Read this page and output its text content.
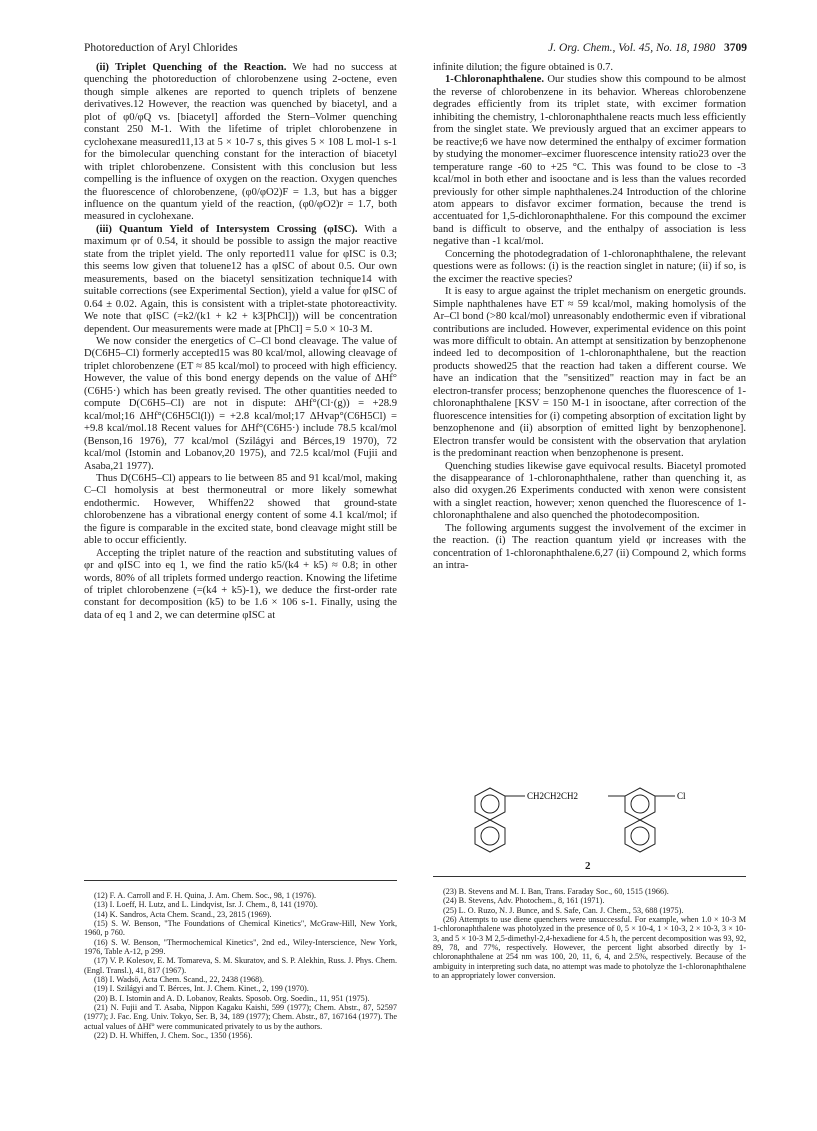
Photoreduction of Aryl Chlorides	J. Org. Chem., Vol. 45, No. 18, 1980 3709

(ii) Triplet Quenching of the Reaction. We had no success at quenching the photoreduction of chlorobenzene using 2-octene, even though simple alkenes are reported to quench triplets of benzene derivatives.12 However, the reaction was quenched by biacetyl, and a plot of φ0/φQ vs. [biacetyl] afforded the Stern–Volmer quenching constant 250 M-1. With the lifetime of triplet chlorobenzene in cyclohexane measured11,13 at 5 × 10-7 s, this gives 5 × 108 L mol-1 s-1 for the bimolecular quenching constant for the interaction of biacetyl with triplet chlorobenzene. Consistent with this conclusion but less compelling is the influence of oxygen on the reaction. Oxygen quenches the fluorescence of chlorobenzene, (φ0/φO2)F = 1.3, but has a bigger influence on the quantum yield of the reaction, (φ0/φO2)r = 1.7, both measured in cyclohexane.

(iii) Quantum Yield of Intersystem Crossing (φISC). With a maximum φr of 0.54, it should be possible to assign the major reactive state from the triplet yield. The only reported11 value for φISC is 0.3; this seems low given that toluene12 has a φISC of about 0.5. Our own measurements, based on the biacetyl sensitization technique14 with suitable corrections (see Experimental Section), yield a value for φISC of 0.64 ± 0.02. Again, this is consistent with a triplet-state photoreactivity. We note that φISC (=k2/(k1 + k2 + k3[PhCl])) will be concentration dependent. Our measurements were made at [PhCl] = 5.0 × 10-3 M.

We now consider the energetics of C–Cl bond cleavage. The value of D(C6H5–Cl) formerly accepted15 was 80 kcal/mol, allowing cleavage of triplet chlorobenzene (ET ≈ 85 kcal/mol) to proceed with high efficiency. However, the value of this bond energy depends on the value of ΔHf°(C6H5·) which has been greatly revised. The other quantities needed to compute D(C6H5–Cl) are not in dispute: ΔHf°(Cl·(g)) = +28.9 kcal/mol;16 ΔHf°(C6H5Cl(l)) = +2.8 kcal/mol;17 ΔHvap°(C6H5Cl) = +9.8 kcal/mol.18 Recent values for ΔHf°(C6H5·) include 78.5 kcal/mol (Benson,16 1976), 77 kcal/mol (Szilágyi and Bérces,19 1970), 72 kcal/mol (Istomin and Lobanov,20 1975), and 72.5 kcal/mol (Fujii and Asaba,21 1977).

Thus D(C6H5–Cl) appears to lie between 85 and 91 kcal/mol, making C–Cl homolysis at best thermoneutral or more likely somewhat endothermic. However, Whiffen22 showed that ground-state chlorobenzene has a vibrational energy content of some 4.1 kcal/mol; if the figure is comparable in the excited state, bond cleavage might still be able to occur efficiently.

Accepting the triplet nature of the reaction and substituting values of φr and φISC into eq 1, we find the ratio k5/(k4 + k5) ≈ 0.8; in other words, 80% of all triplets formed undergo reaction. Knowing the lifetime of triplet chlorobenzene (=(k4 + k5)-1), we deduce the first-order rate constant for decomposition (k5) to be 1.6 × 106 s-1. Finally, using the data of eq 1 and 2, we can determine φISC at

infinite dilution; the figure obtained is 0.7.

1-Chloronaphthalene. Our studies show this compound to be almost the reverse of chlorobenzene in its behavior. Whereas chlorobenzene degrades efficiently from its triplet state, with excimer formation inhibiting the chemistry, 1-chloronaphthalene reacts much less efficiently from the singlet state. We previously argued that an excimer appears to be reactive;6 we have now determined the enthalpy of excimer formation by studying the monomer–excimer fluorescence intensity ratio23 over the temperature range -60 to +25 °C. This was found to be close to -3 kcal/mol in both ether and isooctane and is less than the values recorded previously for other simple naphthalenes.24 Introduction of the chlorine atom appears to disfavor excimer formation, because the trend is accentuated for 1,5-dichloronaphthalene. For this compound the excimer band is difficult to observe, and the enthalpy of association is less negative than -1 kcal/mol.

Concerning the photodegradation of 1-chloronaphthalene, the relevant questions were as follows: (i) is the reaction singlet in nature; (ii) if so, is the excimer the reactive species?

It is easy to argue against the triplet mechanism on energetic grounds. Simple naphthalenes have ET ≈ 59 kcal/mol, making homolysis of the Ar–Cl bond (>80 kcal/mol) unreasonably endothermic even if vibrational contributions are included. However, experimental evidence on this point was more difficult to obtain. An attempt at sensitization by benzophenone indeed led to decomposition of 1-chloronaphthalene, but the reaction products showed25 that the reaction had taken a different course. We have an indication that the "sensitized" reaction may in fact be an electron-transfer process; benzophenone quenches the fluorescence of 1-chloronaphthalene [KSV = 150 M-1 in isooctane, after correction of the fluorescence intensities for (i) competing absorption of excitation light by benzophenone and (ii) absorption of emitted light by benzophenone]. Electron transfer would be consistent with the observation that arylation is the predominant reaction when benzophenone is present.

Quenching studies likewise gave equivocal results. Biacetyl promoted the disappearance of 1-chloronaphthalene, rather than quenching it, as also did oxygen.26 Experiments conducted with xenon were consistent with a singlet reaction, however; xenon quenched the fluorescence of 1-chloronaphthalene and also quenched the photodecomposition.

The following arguments suggest the involvement of the excimer in the reaction. (i) The reaction quantum yield φr increases with the concentration of 1-chloronaphthalene.6,27 (ii) Compound 2, which forms an intra-

CH2CH2CH2	Cl
2

(12) F. A. Carroll and F. H. Quina, J. Am. Chem. Soc., 98, 1 (1976).

(13) I. Loeff, H. Lutz, and L. Lindqvist, Isr. J. Chem., 8, 141 (1970).

(14) K. Sandros, Acta Chem. Scand., 23, 2815 (1969).

(15) S. W. Benson, "The Foundations of Chemical Kinetics", McGraw-Hill, New York, 1960, p 760.

(16) S. W. Benson, "Thermochemical Kinetics", 2nd ed., Wiley-Interscience, New York, 1976, Table A-12, p 299.

(17) V. P. Kolesov, E. M. Tomareva, S. M. Skuratov, and S. P. Alekhin, Russ. J. Phys. Chem. (Engl. Transl.), 41, 817 (1967).

(18) I. Wadsö, Acta Chem. Scand., 22, 2438 (1968).

(19) I. Szilágyi and T. Bérces, Int. J. Chem. Kinet., 2, 199 (1970).

(20) B. I. Istomin and A. D. Lobanov, Reakts. Sposob. Org. Soedin., 11, 951 (1975).

(21) N. Fujii and T. Asaba, Nippon Kagaku Kaishi, 599 (1977); Chem. Abstr., 87, 52597 (1977); J. Fac. Eng. Univ. Tokyo, Ser. B, 34, 189 (1977); Chem. Abstr., 87, 167164 (1977). The actual values of ΔHf° were communicated privately to us by the authors.

(22) D. H. Whiffen, J. Chem. Soc., 1350 (1956).

(23) B. Stevens and M. I. Ban, Trans. Faraday Soc., 60, 1515 (1966).

(24) B. Stevens, Adv. Photochem., 8, 161 (1971).

(25) L. O. Ruzo, N. J. Bunce, and S. Safe, Can. J. Chem., 53, 688 (1975).

(26) Attempts to use diene quenchers were unsuccessful. For example, when 1.0 × 10-3 M 1-chloronaphthalene was photolyzed in the presence of 0, 5 × 10-4, 1 × 10-3, 2 × 10-3, 3 × 10-3, and 5 × 10-3 M 2,5-dimethyl-2,4-hexadiene for 4.5 h, the percent decomposition was 93, 92, 89, 78, and 77%, respectively. However, the percent light absorbed directly by 1-chloronaphthalene at 254 nm was 100, 20, 11, 6, 4, and 2.5%, respectively. Because of the ambiguity in interpreting such data, no attempt was made to photolyze the 1-chloronaphthalene to an appropriately lower conversion.
